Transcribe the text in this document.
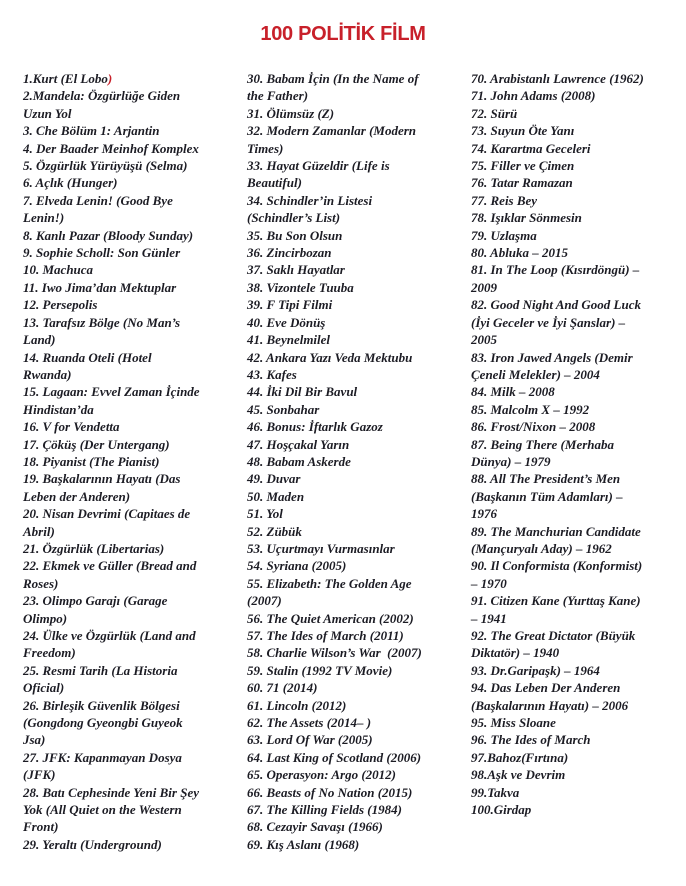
100 POLİTİK FİLM
1.Kurt (El Lobo)
2.Mandela: Özgürlüğe Giden
Uzun Yol
3. Che Bölüm 1: Arjantin
4. Der Baader Meinhof Komplex
5. Özgürlük Yürüyüşü (Selma)
6. Açlık (Hunger)
7. Elveda Lenin! (Good Bye
Lenin!)
8. Kanlı Pazar (Bloody Sunday)
9. Sophie Scholl: Son Günler
10. Machuca
11. Iwo Jima’dan Mektuplar
12. Persepolis
13. Tarafsız Bölge (No Man’s
Land)
14. Ruanda Oteli (Hotel
Rwanda)
15. Lagaan: Evvel Zaman İçinde
Hindistan’da
16. V for Vendetta
17. Çöküş (Der Untergang)
18. Piyanist (The Pianist)
19. Başkalarının Hayatı (Das
Leben der Anderen)
20. Nisan Devrimi (Capitaes de
Abril)
21. Özgürlük (Libertarias)
22. Ekmek ve Güller (Bread and
Roses)
23. Olimpo Garajı (Garage
Olimpo)
24. Ülke ve Özgürlük (Land and
Freedom)
25. Resmi Tarih (La Historia
Oficial)
26. Birleşik Güvenlik Bölgesi
(Gongdong Gyeongbi Guyeok
Jsa)
27. JFK: Kapanmayan Dosya
(JFK)
28. Batı Cephesinde Yeni Bir Şey
Yok (All Quiet on the Western
Front)
29. Yeraltı (Underground)
30. Babam İçin (In the Name of
the Father)
31. Ölümsüz (Z)
32. Modern Zamanlar (Modern
Times)
33. Hayat Güzeldir (Life is
Beautiful)
34. Schindler’in Listesi
(Schindler’s List)
35. Bu Son Olsun
36. Zincirbozan
37. Saklı Hayatlar
38. Vizontele Tuuba
39. F Tipi Filmi
40. Eve Dönüş
41. Beynelmilel
42. Ankara Yazı Veda Mektubu
43. Kafes
44. İki Dil Bir Bavul
45. Sonbahar
46. Bonus: İftarlık Gazoz
47. Hoşçakal Yarın
48. Babam Askerde
49. Duvar
50. Maden
51. Yol
52. Zübük
53. Uçurtmayı Vurmasınlar
54. Syriana (2005)
55. Elizabeth: The Golden Age
(2007)
56. The Quiet American (2002)
57. The Ides of March (2011)
58. Charlie Wilson’s War  (2007)
59. Stalin (1992 TV Movie)
60. 71 (2014)
61. Lincoln (2012)
62. The Assets (2014– )
63. Lord Of War (2005)
64. Last King of Scotland (2006)
65. Operasyon: Argo (2012)
66. Beasts of No Nation (2015)
67. The Killing Fields (1984)
68. Cezayir Savaşı (1966)
69. Kış Aslanı (1968)
70. Arabistanlı Lawrence (1962)
71. John Adams (2008)
72. Sürü
73. Suyun Öte Yanı
74. Karartma Geceleri
75. Filler ve Çimen
76. Tatar Ramazan
77. Reis Bey
78. Işıklar Sönmesin
79. Uzlaşma
80. Abluka – 2015
81. In The Loop (Kısırdöngü) –
2009
82. Good Night And Good Luck
(İyi Geceler ve İyi Şanslar) –
2005
83. Iron Jawed Angels (Demir
Çeneli Melekler) – 2004
84. Milk – 2008
85. Malcolm X – 1992
86. Frost/Nixon – 2008
87. Being There (Merhaba
Dünya) – 1979
88. All The President’s Men
(Başkanın Tüm Adamları) –
1976
89. The Manchurian Candidate
(Mançuryalı Aday) – 1962
90. Il Conformista (Konformist)
– 1970
91. Citizen Kane (Yurttaş Kane)
– 1941
92. The Great Dictator (Büyük
Diktatör) – 1940
93. Dr.Garipaşk) – 1964
94. Das Leben Der Anderen
(Başkalarının Hayatı) – 2006
95. Miss Sloane
96. The Ides of March
97.Bahoz(Fırtına)
98.Aşk ve Devrim
99.Takva
100.Girdap
